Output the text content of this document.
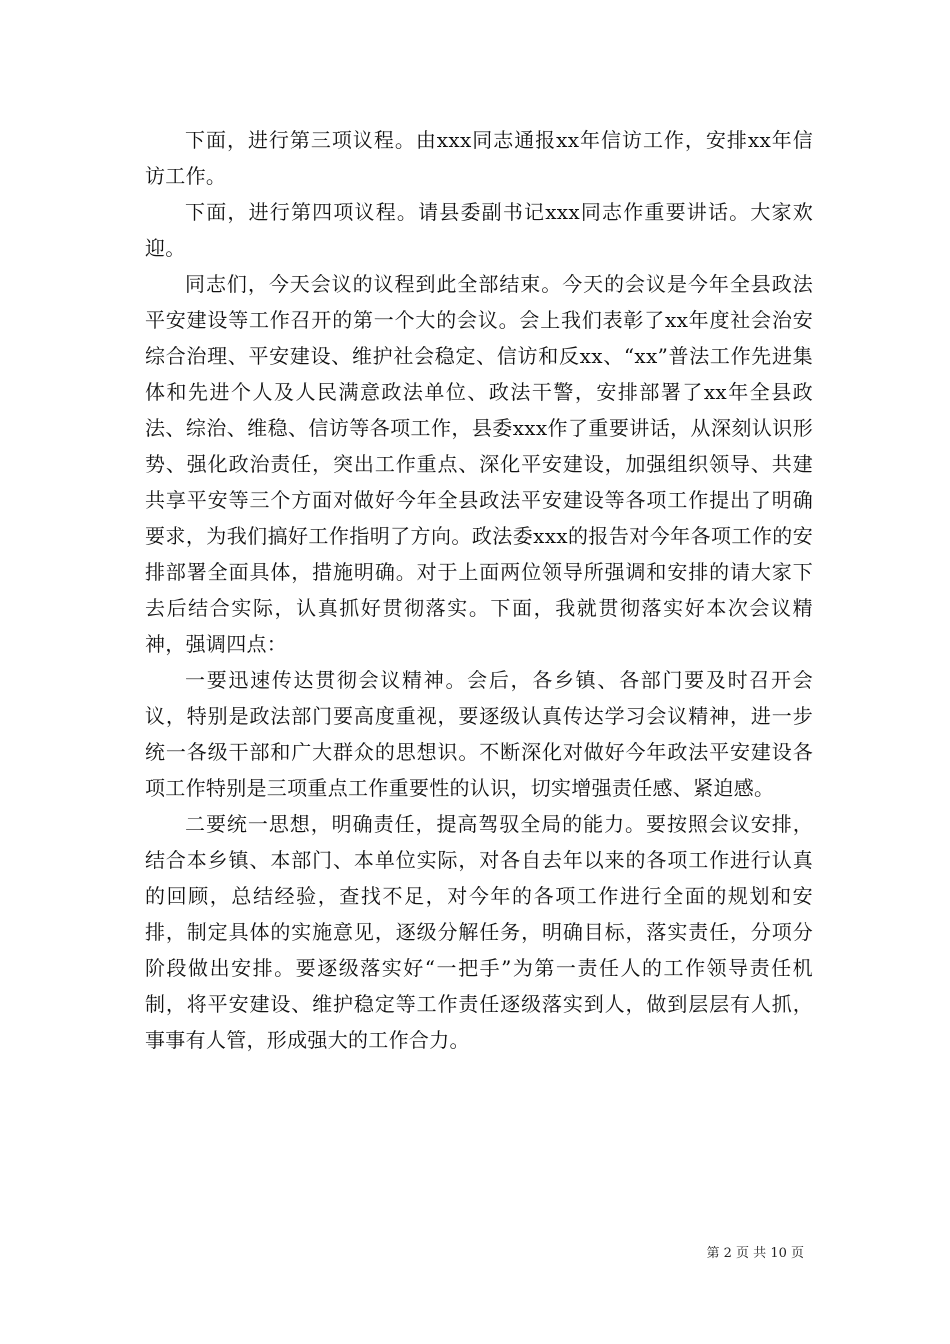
下面，进行第三项议程。由xxx同志通报xx年信访工作，安排xx年信访工作。

下面，进行第四项议程。请县委副书记xxx同志作重要讲话。大家欢迎。

同志们，今天会议的议程到此全部结束。今天的会议是今年全县政法平安建设等工作召开的第一个大的会议。会上我们表彰了xx年度社会治安综合治理、平安建设、维护社会稳定、信访和反xx、“xx”普法工作先进集体和先进个人及人民满意政法单位、政法干警，安排部署了xx年全县政法、综治、维稳、信访等各项工作，县委xxx作了重要讲话，从深刻认识形势、强化政治责任，突出工作重点、深化平安建设，加强组织领导、共建共享平安等三个方面对做好今年全县政法平安建设等各项工作提出了明确要求，为我们搞好工作指明了方向。政法委xxx的报告对今年各项工作的安排部署全面具体，措施明确。对于上面两位领导所强调和安排的请大家下去后结合实际，认真抓好贯彻落实。下面，我就贯彻落实好本次会议精神，强调四点：

一要迅速传达贯彻会议精神。会后，各乡镇、各部门要及时召开会议，特别是政法部门要高度重视，要逐级认真传达学习会议精神，进一步统一各级干部和广大群众的思想识。不断深化对做好今年政法平安建设各项工作特别是三项重点工作重要性的认识，切实增强责任感、紧迫感。

二要统一思想，明确责任，提高驾驭全局的能力。要按照会议安排，结合本乡镇、本部门、本单位实际，对各自去年以来的各项工作进行认真的回顾，总结经验，查找不足，对今年的各项工作进行全面的规划和安排，制定具体的实施意见，逐级分解任务，明确目标，落实责任，分项分阶段做出安排。要逐级落实好“一把手”为第一责任人的工作领导责任机制，将平安建设、维护稳定等工作责任逐级落实到人，做到层层有人抓，事事有人管，形成强大的工作合力。

第 2 页 共 10 页
